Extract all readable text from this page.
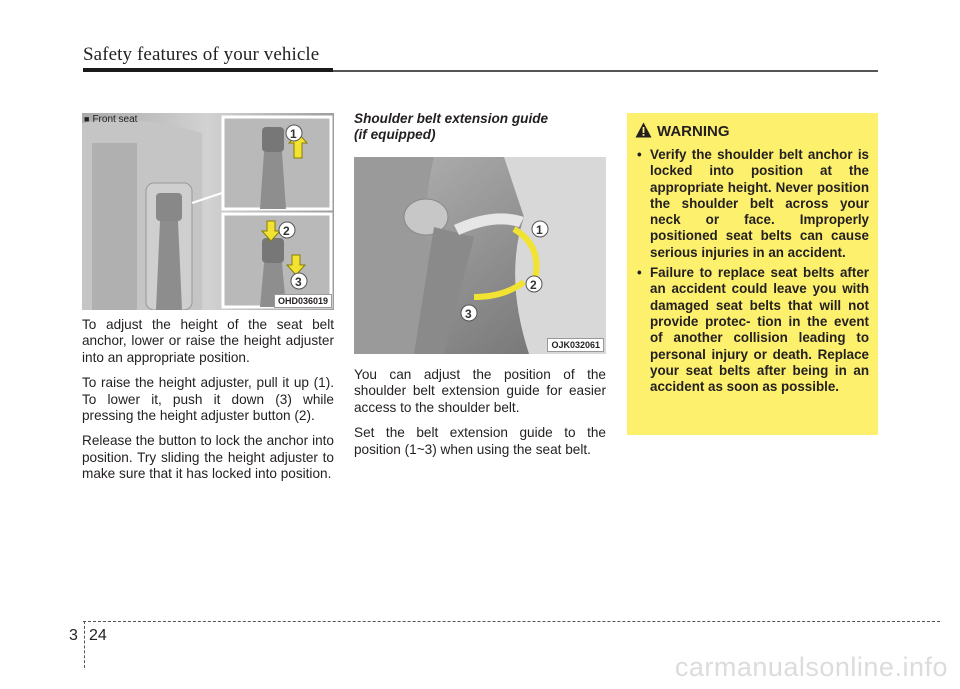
Safety features of your vehicle
1
2
3
■ Front seat
OHD036019

To adjust the height of the seat belt anchor, lower or raise the height adjuster into an appropriate position.

To raise the height adjuster, pull it up (1). To lower it, push it down (3) while pressing the height adjuster button (2).

Release the button to lock the anchor into position. Try sliding the height adjuster to make sure that it has locked into position.

Shoulder belt extension guide
(if equipped)
1
2
3
OJK032061

You can adjust the position of the shoulder belt extension guide for easier access to the shoulder belt.

Set the belt extension guide to the position (1~3) when using the seat belt.

WARNING
• Verify the shoulder belt anchor is locked into position at the appropriate height. Never position the shoulder belt across your neck or face. Improperly positioned seat belts can cause serious injuries in an accident.
• Failure to replace seat belts after an accident could leave you with damaged seat belts that will not provide protec- tion in the event of another collision leading to personal injury or death. Replace your seat belts after being in an accident as soon as possible.
3 24
carmanualsonline.info
